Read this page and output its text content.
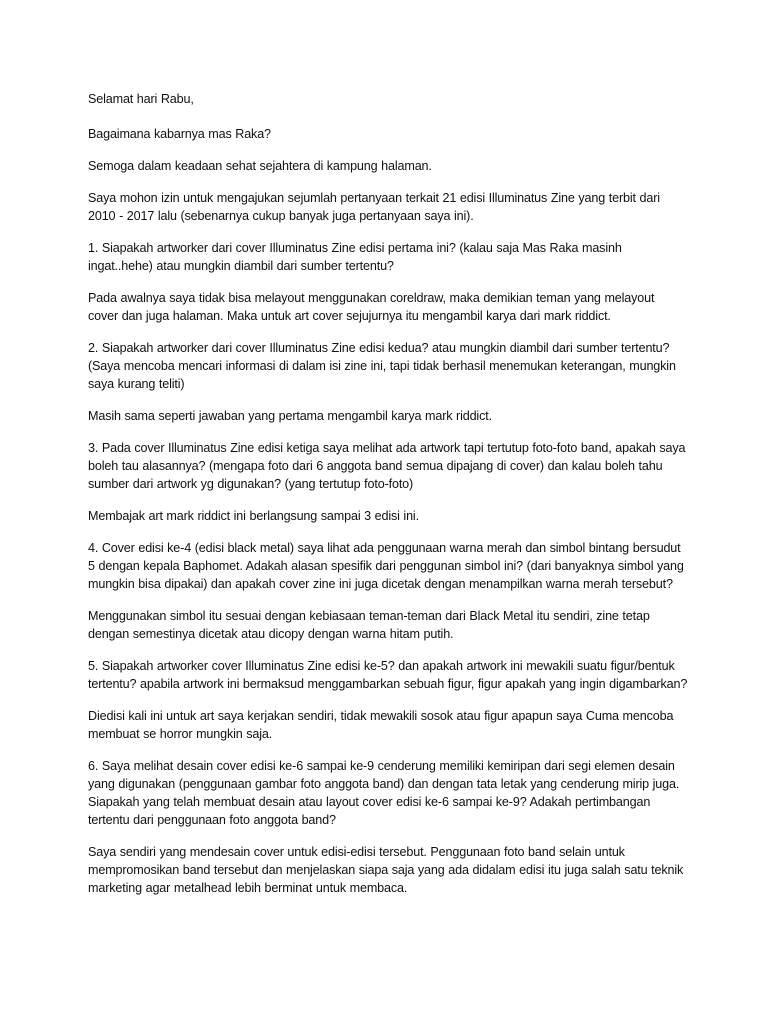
Selamat hari Rabu,

Bagaimana kabarnya mas Raka?

Semoga dalam keadaan sehat sejahtera di kampung halaman.

Saya mohon izin untuk mengajukan sejumlah pertanyaan terkait 21 edisi Illuminatus Zine yang terbit dari 2010 - 2017 lalu (sebenarnya cukup banyak juga pertanyaan saya ini).

1. Siapakah artworker dari cover Illuminatus Zine edisi pertama ini? (kalau saja Mas Raka masinh ingat..hehe) atau mungkin diambil dari sumber tertentu?

Pada awalnya saya tidak bisa melayout menggunakan coreldraw, maka demikian teman yang melayout cover dan juga halaman. Maka untuk art cover sejujurnya itu mengambil karya dari mark riddict.

2. Siapakah artworker dari cover Illuminatus Zine edisi kedua? atau mungkin diambil dari sumber tertentu? (Saya mencoba mencari informasi di dalam isi zine ini, tapi tidak berhasil menemukan keterangan, mungkin saya kurang teliti)

Masih sama seperti jawaban yang pertama mengambil karya mark riddict.

3. Pada cover Illuminatus Zine edisi ketiga saya melihat ada artwork tapi tertutup foto-foto band, apakah saya boleh tau alasannya? (mengapa foto dari 6 anggota band semua dipajang di cover) dan kalau boleh tahu sumber dari artwork yg digunakan? (yang tertutup foto-foto)

Membajak art mark riddict ini berlangsung sampai 3 edisi ini.

4. Cover edisi ke-4 (edisi black metal) saya lihat ada penggunaan warna merah dan simbol bintang bersudut 5 dengan kepala Baphomet. Adakah alasan spesifik dari penggunan simbol ini? (dari banyaknya simbol yang mungkin bisa dipakai) dan apakah cover zine ini juga dicetak dengan menampilkan warna merah tersebut?

Menggunakan simbol itu sesuai dengan kebiasaan teman-teman dari Black Metal itu sendiri, zine tetap dengan semestinya dicetak atau dicopy dengan warna hitam putih.

5. Siapakah artworker cover Illuminatus Zine edisi ke-5? dan apakah artwork ini mewakili suatu figur/bentuk tertentu? apabila artwork ini bermaksud menggambarkan sebuah figur, figur apakah yang ingin digambarkan?

Diedisi kali ini untuk art saya kerjakan sendiri, tidak mewakili sosok atau figur apapun saya Cuma mencoba membuat se horror mungkin saja.

6. Saya melihat desain cover edisi ke-6 sampai ke-9 cenderung memiliki kemiripan dari segi elemen desain yang digunakan (penggunaan gambar foto anggota band) dan dengan tata letak yang cenderung mirip juga. Siapakah yang telah membuat desain atau layout cover edisi ke-6 sampai ke-9? Adakah pertimbangan tertentu dari penggunaan foto anggota band?

Saya sendiri yang mendesain cover untuk edisi-edisi tersebut. Penggunaan foto band selain untuk mempromosikan band tersebut dan menjelaskan siapa saja yang ada didalam edisi itu juga salah satu teknik marketing agar metalhead lebih berminat untuk membaca.
